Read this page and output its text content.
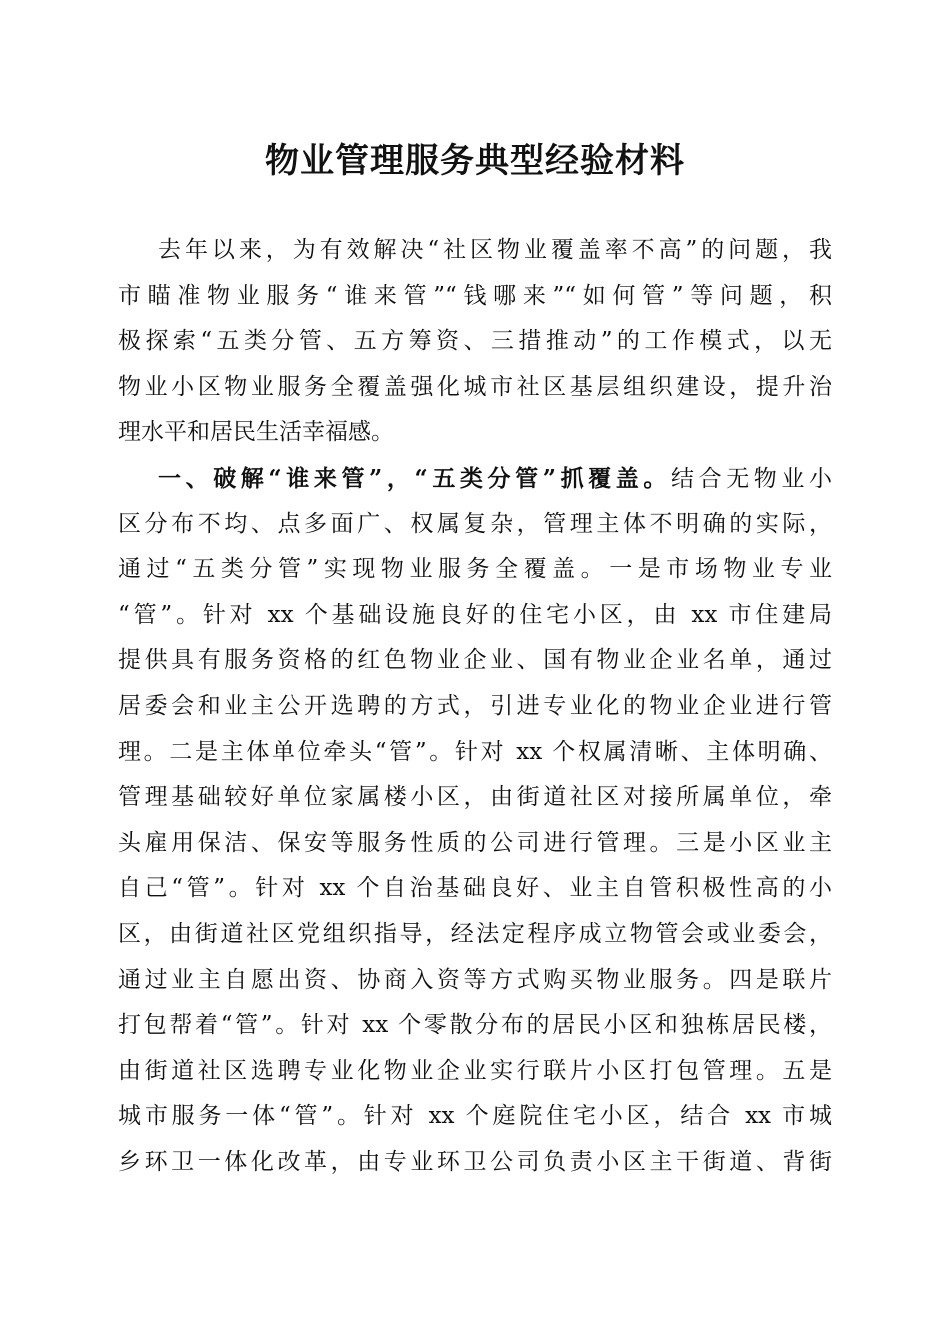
物业管理服务典型经验材料
去年以来，为有效解决“社区物业覆盖率不高”的问题，我
市瞄准物业服务“谁来管”“钱哪来”“如何管”等问题，积
极探索“五类分管、五方筹资、三措推动”的工作模式，以无
物业小区物业服务全覆盖强化城市社区基层组织建设，提升治
理水平和居民生活幸福感。
一、破解“谁来管”，“五类分管”抓覆盖。结合无物业小
区分布不均、点多面广、权属复杂，管理主体不明确的实际，
通过“五类分管”实现物业服务全覆盖。一是市场物业专业
“管”。针对 xx 个基础设施良好的住宅小区，由 xx 市住建局
提供具有服务资格的红色物业企业、国有物业企业名单，通过
居委会和业主公开选聘的方式，引进专业化的物业企业进行管
理。二是主体单位牵头“管”。针对 xx 个权属清晰、主体明确、
管理基础较好单位家属楼小区，由街道社区对接所属单位，牵
头雇用保洁、保安等服务性质的公司进行管理。三是小区业主
自己“管”。针对 xx 个自治基础良好、业主自管积极性高的小
区，由街道社区党组织指导，经法定程序成立物管会或业委会，
通过业主自愿出资、协商入资等方式购买物业服务。四是联片
打包帮着“管”。针对 xx 个零散分布的居民小区和独栋居民楼，
由街道社区选聘专业化物业企业实行联片小区打包管理。五是
城市服务一体“管”。针对 xx 个庭院住宅小区，结合 xx 市城
乡环卫一体化改革，由专业环卫公司负责小区主干街道、背街
